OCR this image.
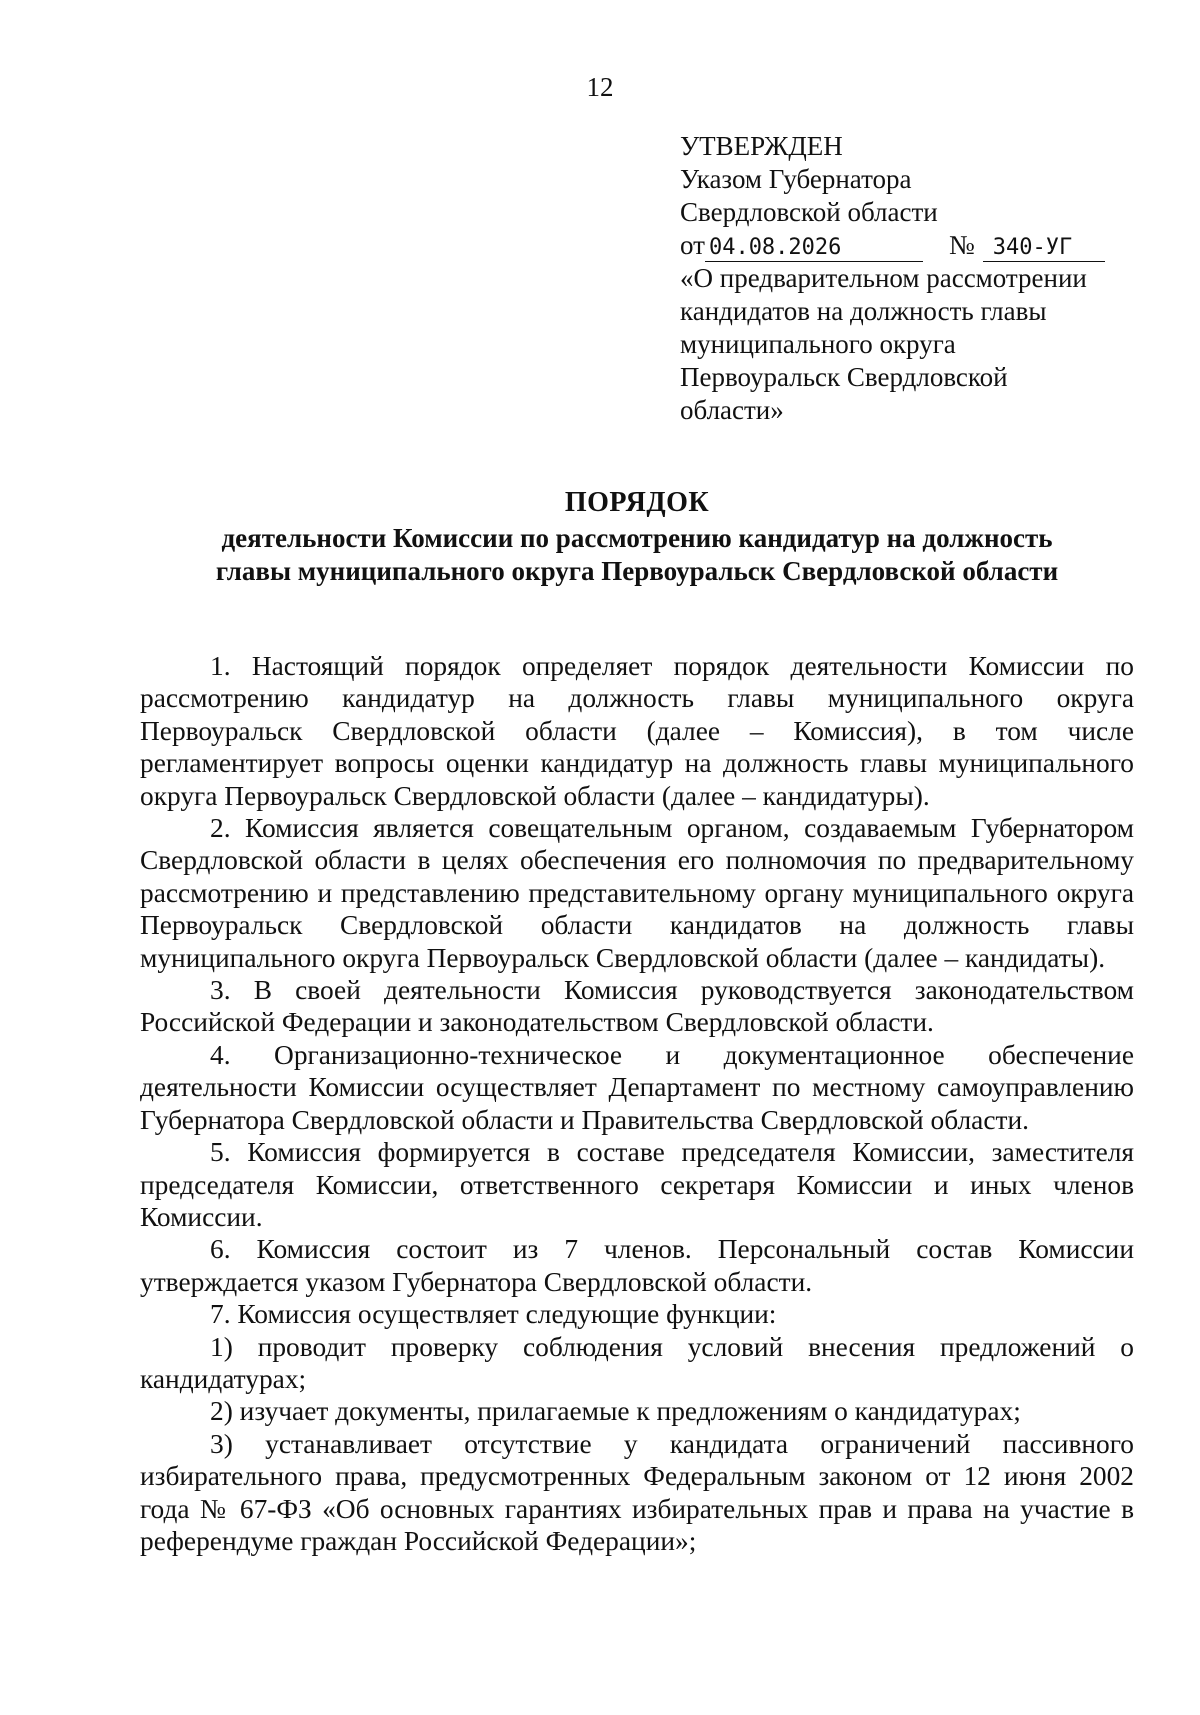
12
УТВЕРЖДЕН
Указом Губернатора
Свердловской области
от 04.08.2026	№ 340-УГ
«О предварительном рассмотрении
кандидатов на должность главы
муниципального округа
Первоуральск Свердловской
области»
ПОРЯДОК
деятельности Комиссии по рассмотрению кандидатур на должность
главы муниципального округа Первоуральск Свердловской области

1. Настоящий порядок определяет порядок деятельности Комиссии по рассмотрению кандидатур на должность главы муниципального округа Первоуральск Свердловской области (далее – Комиссия), в том числе регламентирует вопросы оценки кандидатур на должность главы муниципального округа Первоуральск Свердловской области (далее – кандидатуры).

2. Комиссия является совещательным органом, создаваемым Губернатором Свердловской области в целях обеспечения его полномочия по предварительному рассмотрению и представлению представительному органу муниципального округа Первоуральск Свердловской области кандидатов на должность главы муниципального округа Первоуральск Свердловской области (далее – кандидаты).

3. В своей деятельности Комиссия руководствуется законодательством Российской Федерации и законодательством Свердловской области.

4. Организационно-техническое и документационное обеспечение деятельности Комиссии осуществляет Департамент по местному самоуправлению Губернатора Свердловской области и Правительства Свердловской области.

5. Комиссия формируется в составе председателя Комиссии, заместителя председателя Комиссии, ответственного секретаря Комиссии и иных членов Комиссии.

6. Комиссия состоит из 7 членов. Персональный состав Комиссии утверждается указом Губернатора Свердловской области.

7. Комиссия осуществляет следующие функции:

1) проводит проверку соблюдения условий внесения предложений о кандидатурах;

2) изучает документы, прилагаемые к предложениям о кандидатурах;

3) устанавливает отсутствие у кандидата ограничений пассивного избирательного права, предусмотренных Федеральным законом от 12 июня 2002 года № 67-ФЗ «Об основных гарантиях избирательных прав и права на участие в референдуме граждан Российской Федерации»;
